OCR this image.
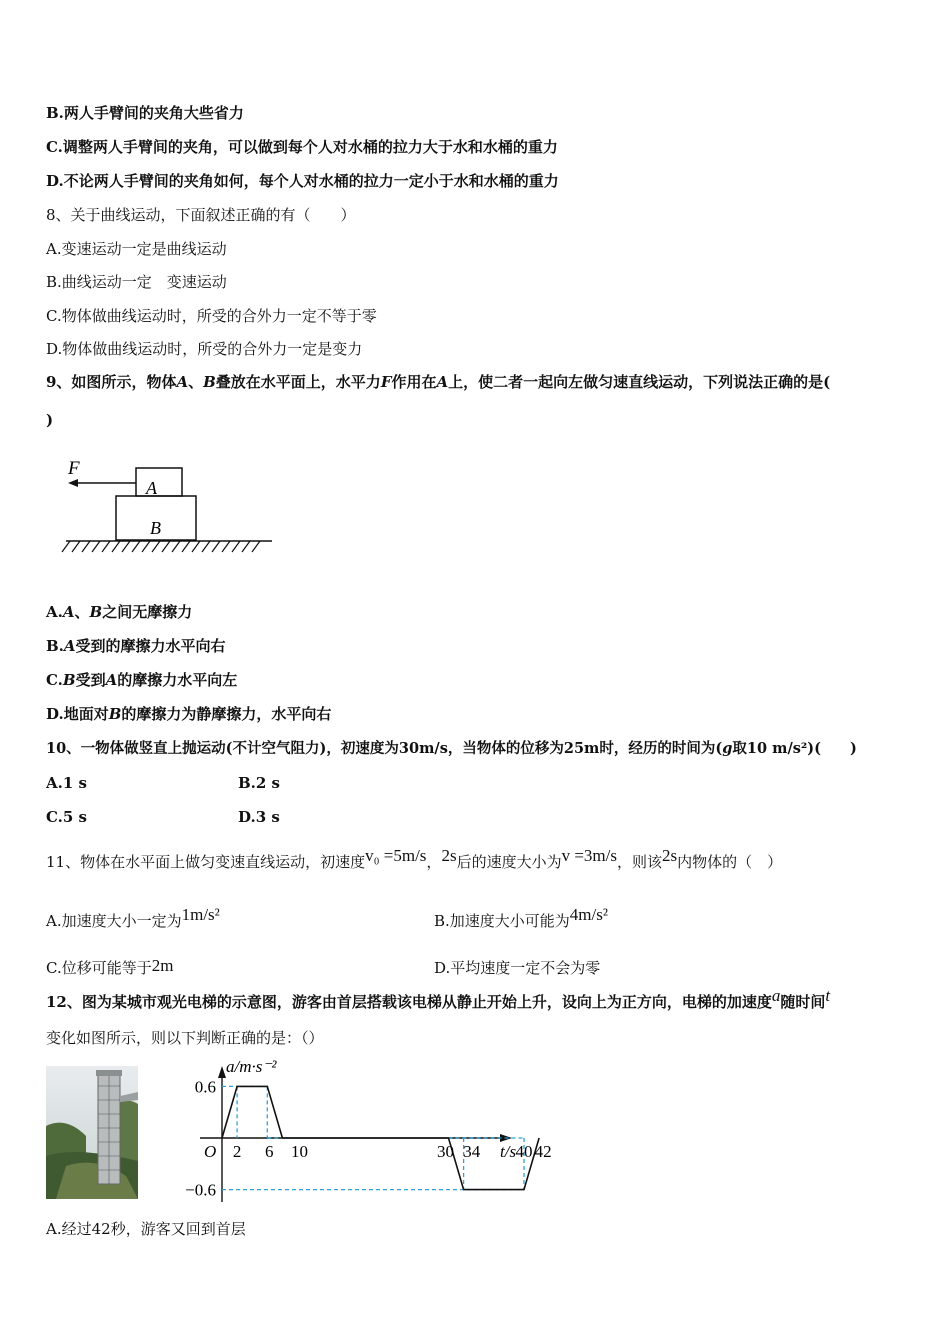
B.两人手臂间的夹角大些省力
C.调整两人手臂间的夹角，可以做到每个人对水桶的拉力大于水和水桶的重力
D.不论两人手臂间的夹角如何，每个人对水桶的拉力一定小于水和水桶的重力
8、关于曲线运动，下面叙述正确的有（　　）
A.变速运动一定是曲线运动
B.曲线运动一定　变速运动
C.物体做曲线运动时，所受的合外力一定不等于零
D.物体做曲线运动时，所受的合外力一定是变力
9、如图所示，物体A、B叠放在水平面上，水平力F作用在A上，使二者一起向左做匀速直线运动，下列说法正确的是(
)
F
A
B
A.A、B之间无摩擦力
B.A受到的摩擦力水平向右
C.B受到A的摩擦力水平向左
D.地面对B的摩擦力为静摩擦力，水平向右
10、一物体做竖直上抛运动(不计空气阻力)，初速度为30m/s，当物体的位移为25m时，经历的时间为(g取10 m/s²)(　　)
A.1 s	B.2 s
C.5 s	D.3 s
11、物体在水平面上做匀变速直线运动，初速度v₀ =5m/s，2s后的速度大小为v =3m/s，则该2s内物体的（　）
A.加速度大小一定为1m/s²	B.加速度大小可能为4m/s²
C.位移可能等于2m	D.平均速度一定不会为零
12、图为某城市观光电梯的示意图，游客由首层搭载该电梯从静止开始上升，设向上为正方向，电梯的加速度a随时间t
变化如图所示，则以下判断正确的是：（）
a/m·s⁻²
t/s
O 2 6 10	30 34 40 42
0.6
−0.6
A.经过42秒，游客又回到首层
